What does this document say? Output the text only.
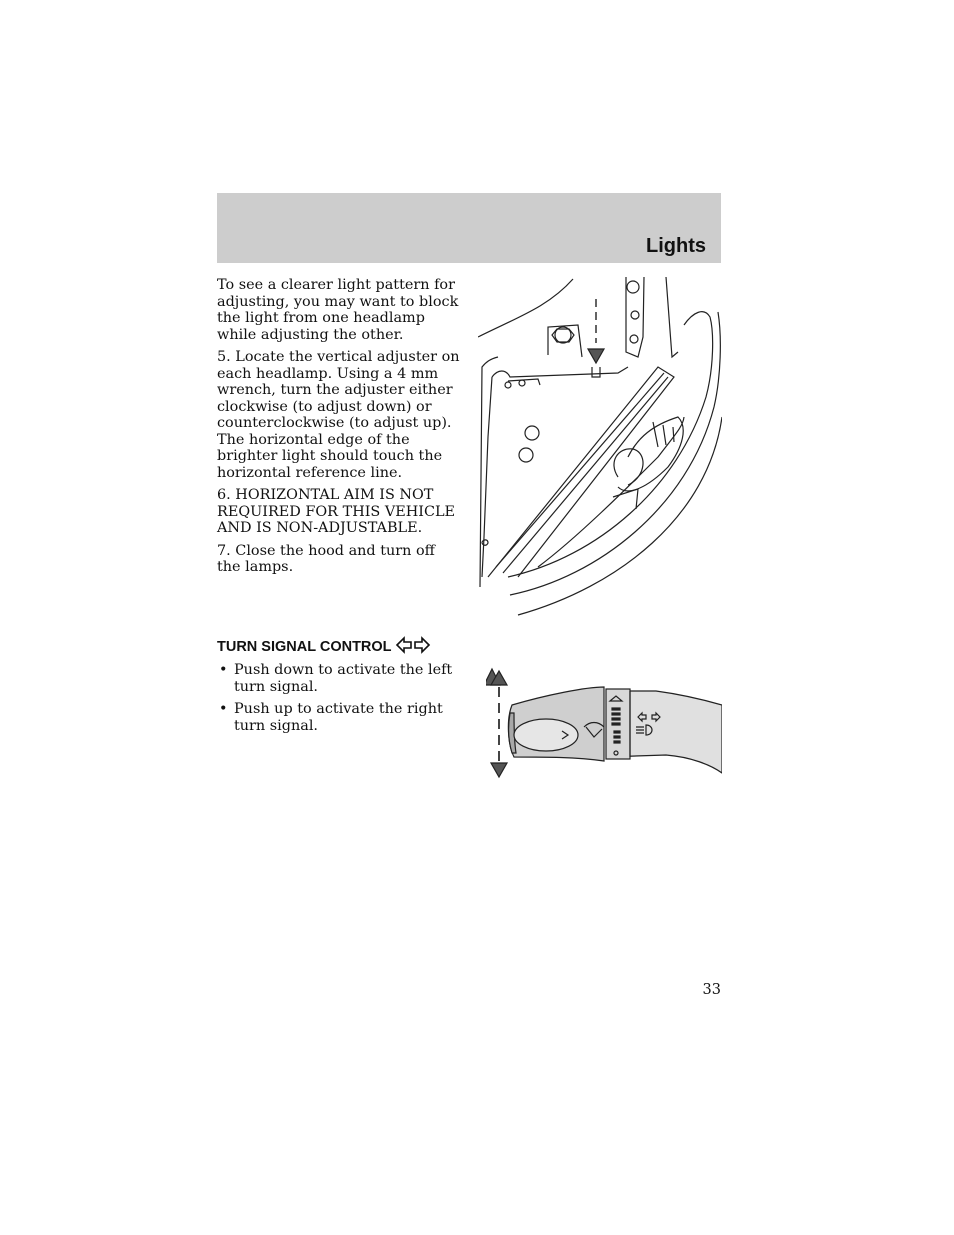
Lights

To see a clearer light pattern for adjusting, you may want to block the light from one headlamp while adjusting the other.

5. Locate the vertical adjuster on each headlamp. Using a 4 mm wrench, turn the adjuster either clockwise (to adjust down) or counterclockwise (to adjust up). The horizontal edge of the brighter light should touch the horizontal reference line.

6. HORIZONTAL AIM IS NOT REQUIRED FOR THIS VEHICLE AND IS NON-ADJUSTABLE.

7. Close the hood and turn off the lamps.

TURN SIGNAL CONTROL
• Push down to activate the left turn signal.
• Push up to activate the right turn signal.
33
